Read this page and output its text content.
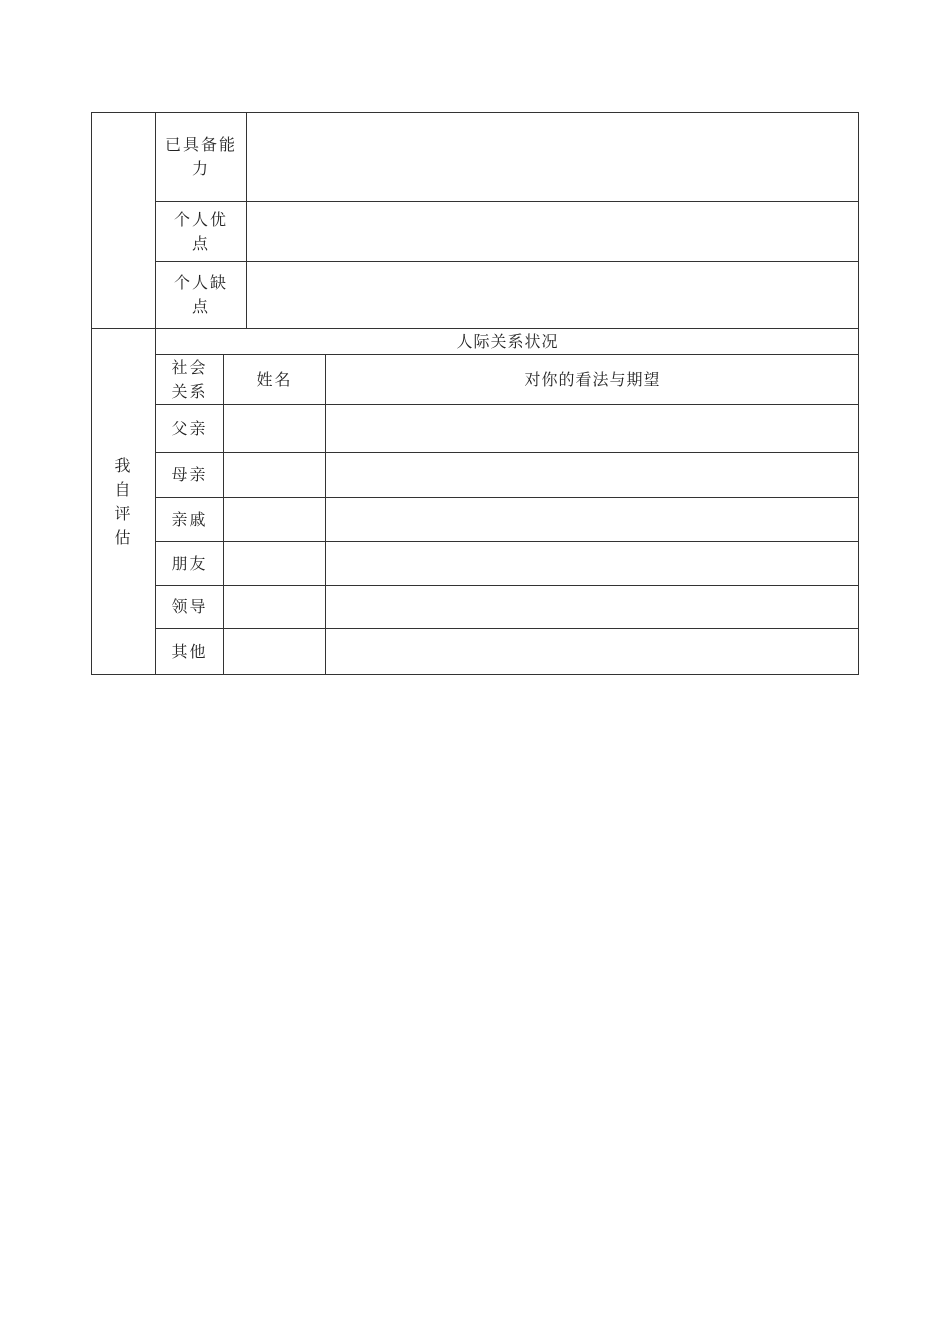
已具备能力
个人优点
个人缺点
我自评估
人际关系状况
社会关系
姓名	对你的看法与期望
父亲
母亲
亲戚
朋友
领导
其他
